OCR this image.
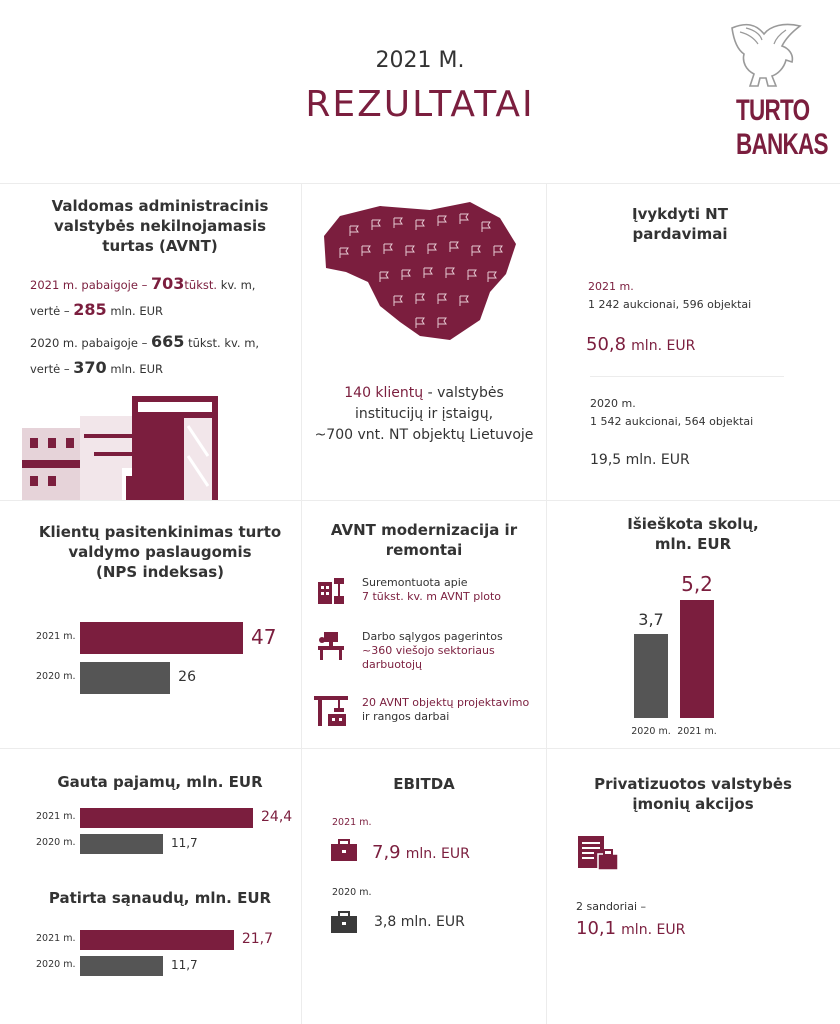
2021 M.
REZULTATAI	TURTO
BANKAS
Valdomas administracinis
valstybės nekilnojamasis
turtas (AVNT)
2021 m. pabaigoje – 703tūkst. kv. m,
vertė – 285 mln. EUR
2020 m. pabaigoje – 665 tūkst. kv. m,
vertė – 370 mln. EUR
140 klientų - valstybės
institucijų ir įstaigų,
~700 vnt. NT objektų Lietuvoje
Įvykdyti NT
pardavimai
2021 m.
1 242 aukcionai, 596 objektai
50,8 mln. EUR
2020 m.
1 542 aukcionai, 564 objektai
19,5 mln. EUR
Klientų pasitenkinimas turto
valdymo paslaugomis
(NPS indeksas)
2021 m.	47
2020 m.	26
AVNT modernizacija ir
remontai
Suremontuota apie
7 tūkst. kv. m AVNT ploto
Darbo sąlygos pagerintos
~360 viešojo sektoriaus
darbuotojų
20 AVNT objektų projektavimo
ir rangos darbai
Išieškota skolų,
mln. EUR
3,7
2020 m.
5,2
2021 m.
Gauta pajamų, mln. EUR
2021 m.	24,4
2020 m.	11,7
Patirta sąnaudų, mln. EUR
2021 m.	21,7
2020 m.	11,7
EBITDA
2021 m.
7,9 mln. EUR
2020 m.
3,8 mln. EUR
Privatizuotos valstybės
įmonių akcijos
2 sandoriai –
10,1 mln. EUR
